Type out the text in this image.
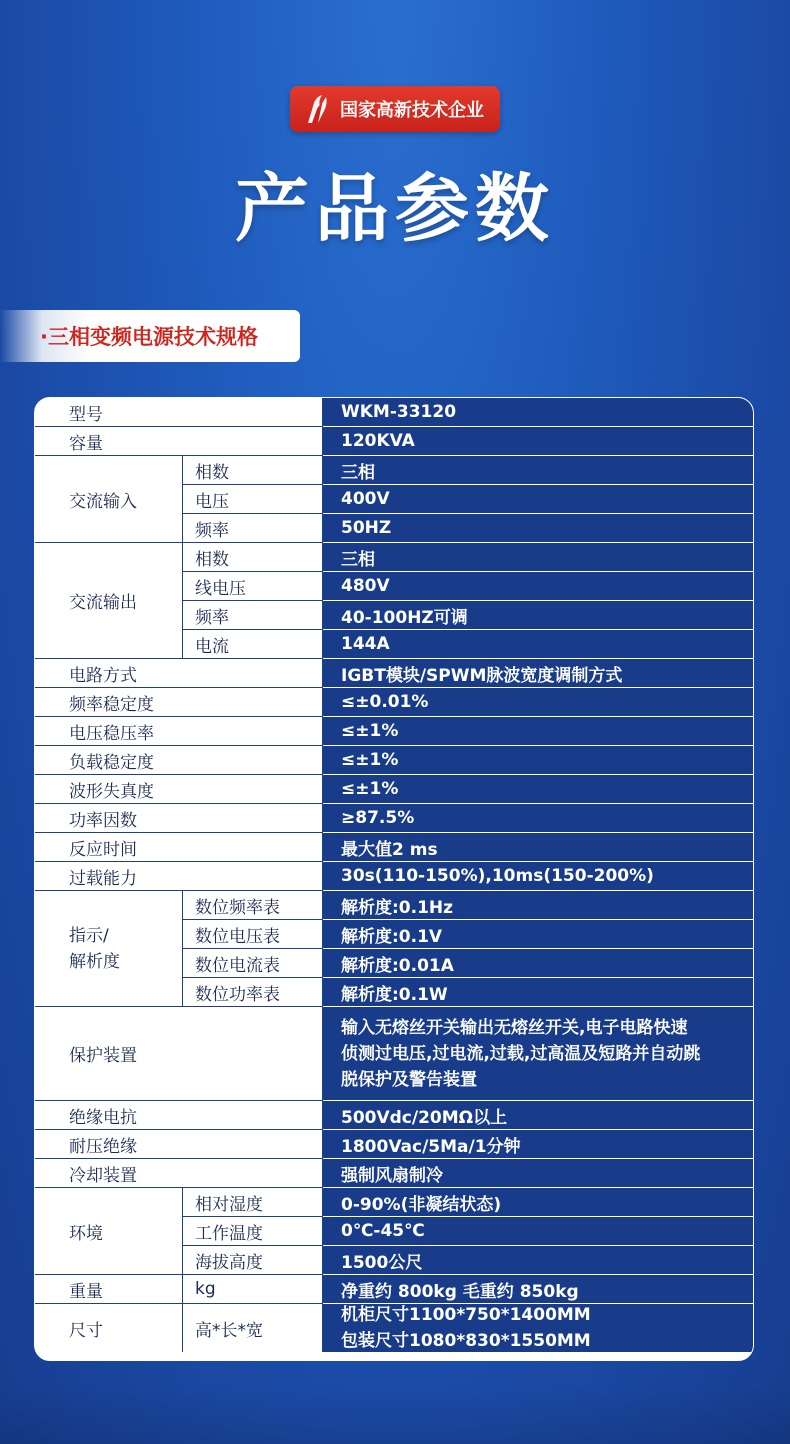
国家高新技术企业
产品参数
·三相变频电源技术规格
型号	WKM-33120
容量	120KVA
交流输入
相数	三相
电压	400V
频率	50HZ
交流输出
相数	三相
线电压	480V
频率	40-100HZ可调
电流	144A
电路方式	IGBT模块/SPWM脉波宽度调制方式
频率稳定度	≤±0.01%
电压稳压率	≤±1%
负载稳定度	≤±1%
波形失真度	≤±1%
功率因数	≥87.5%
反应时间	最大值2 ms
过载能力	30s(110-150%),10ms(150-200%)
指示/
解析度
数位频率表	解析度:0.1Hz
数位电压表	解析度:0.1V
数位电流表	解析度:0.01A
数位功率表	解析度:0.1W
保护装置
输入无熔丝开关输出无熔丝开关,电子电路快速
侦测过电压,过电流,过载,过高温及短路并自动跳
脱保护及警告装置
绝缘电抗	500Vdc/20MΩ以上
耐压绝缘	1800Vac/5Ma/1分钟
冷却装置	强制风扇制冷
环境
相对湿度	0-90%(非凝结状态)
工作温度	0℃-45℃
海拔高度	1500公尺
重量	kg	净重约 800kg 毛重约 850kg
尺寸	高*长*宽
机柜尺寸1100*750*1400MM
包装尺寸1080*830*1550MM
